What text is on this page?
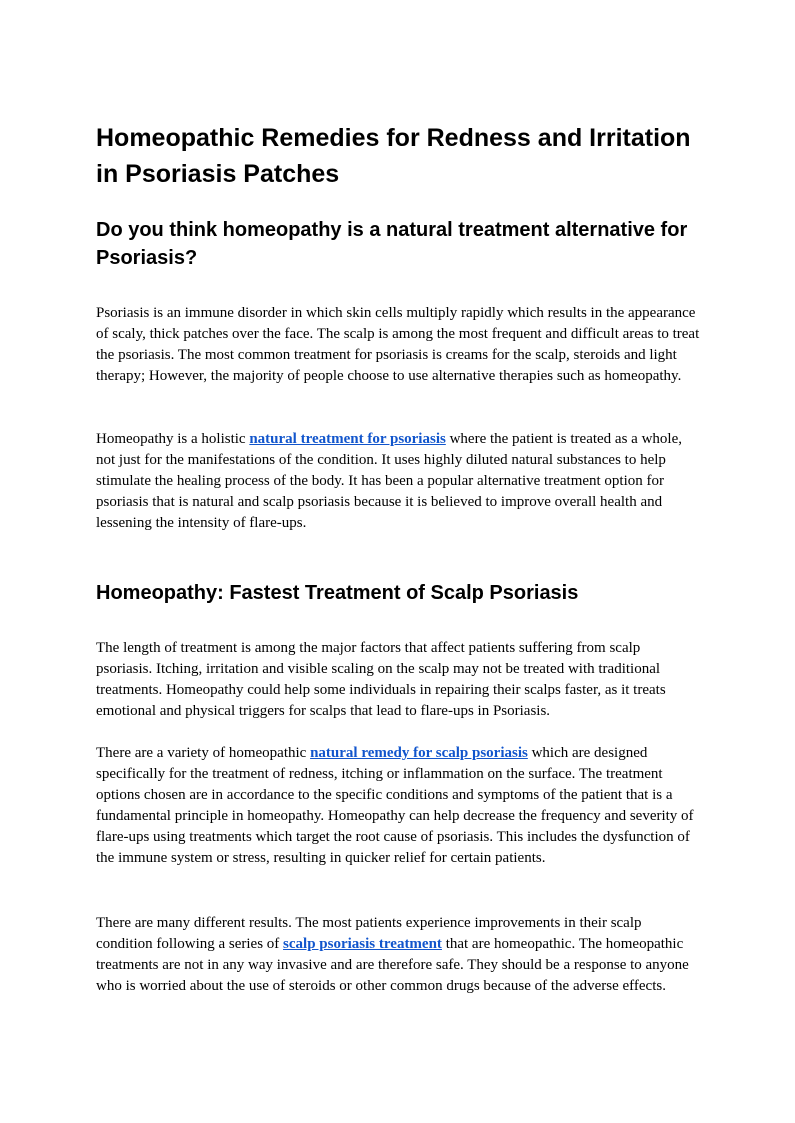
Homeopathic Remedies for Redness and Irritation in Psoriasis Patches
Do you think homeopathy is a natural treatment alternative for Psoriasis?

Psoriasis is an immune disorder in which skin cells multiply rapidly which results in the appearance of scaly, thick patches over the face. The scalp is among the most frequent and difficult areas to treat the psoriasis. The most common treatment for psoriasis is creams for the scalp, steroids and light therapy; However, the majority of people choose to use alternative therapies such as homeopathy.

Homeopathy is a holistic natural treatment for psoriasis where the patient is treated as a whole, not just for the manifestations of the condition. It uses highly diluted natural substances to help stimulate the healing process of the body. It has been a popular alternative treatment option for psoriasis that is natural and scalp psoriasis because it is believed to improve overall health and lessening the intensity of flare-ups.

Homeopathy: Fastest Treatment of Scalp Psoriasis

The length of treatment is among the major factors that affect patients suffering from scalp psoriasis. Itching, irritation and visible scaling on the scalp may not be treated with traditional treatments. Homeopathy could help some individuals in repairing their scalps faster, as it treats emotional and physical triggers for scalps that lead to flare-ups in Psoriasis.

There are a variety of homeopathic natural remedy for scalp psoriasis which are designed specifically for the treatment of redness, itching or inflammation on the surface. The treatment options chosen are in accordance to the specific conditions and symptoms of the patient that is a fundamental principle in homeopathy. Homeopathy can help decrease the frequency and severity of flare-ups using treatments which target the root cause of psoriasis. This includes the dysfunction of the immune system or stress, resulting in quicker relief for certain patients.

There are many different results. The most patients experience improvements in their scalp condition following a series of scalp psoriasis treatment that are homeopathic. The homeopathic treatments are not in any way invasive and are therefore safe. They should be a response to anyone who is worried about the use of steroids or other common drugs because of the adverse effects.
